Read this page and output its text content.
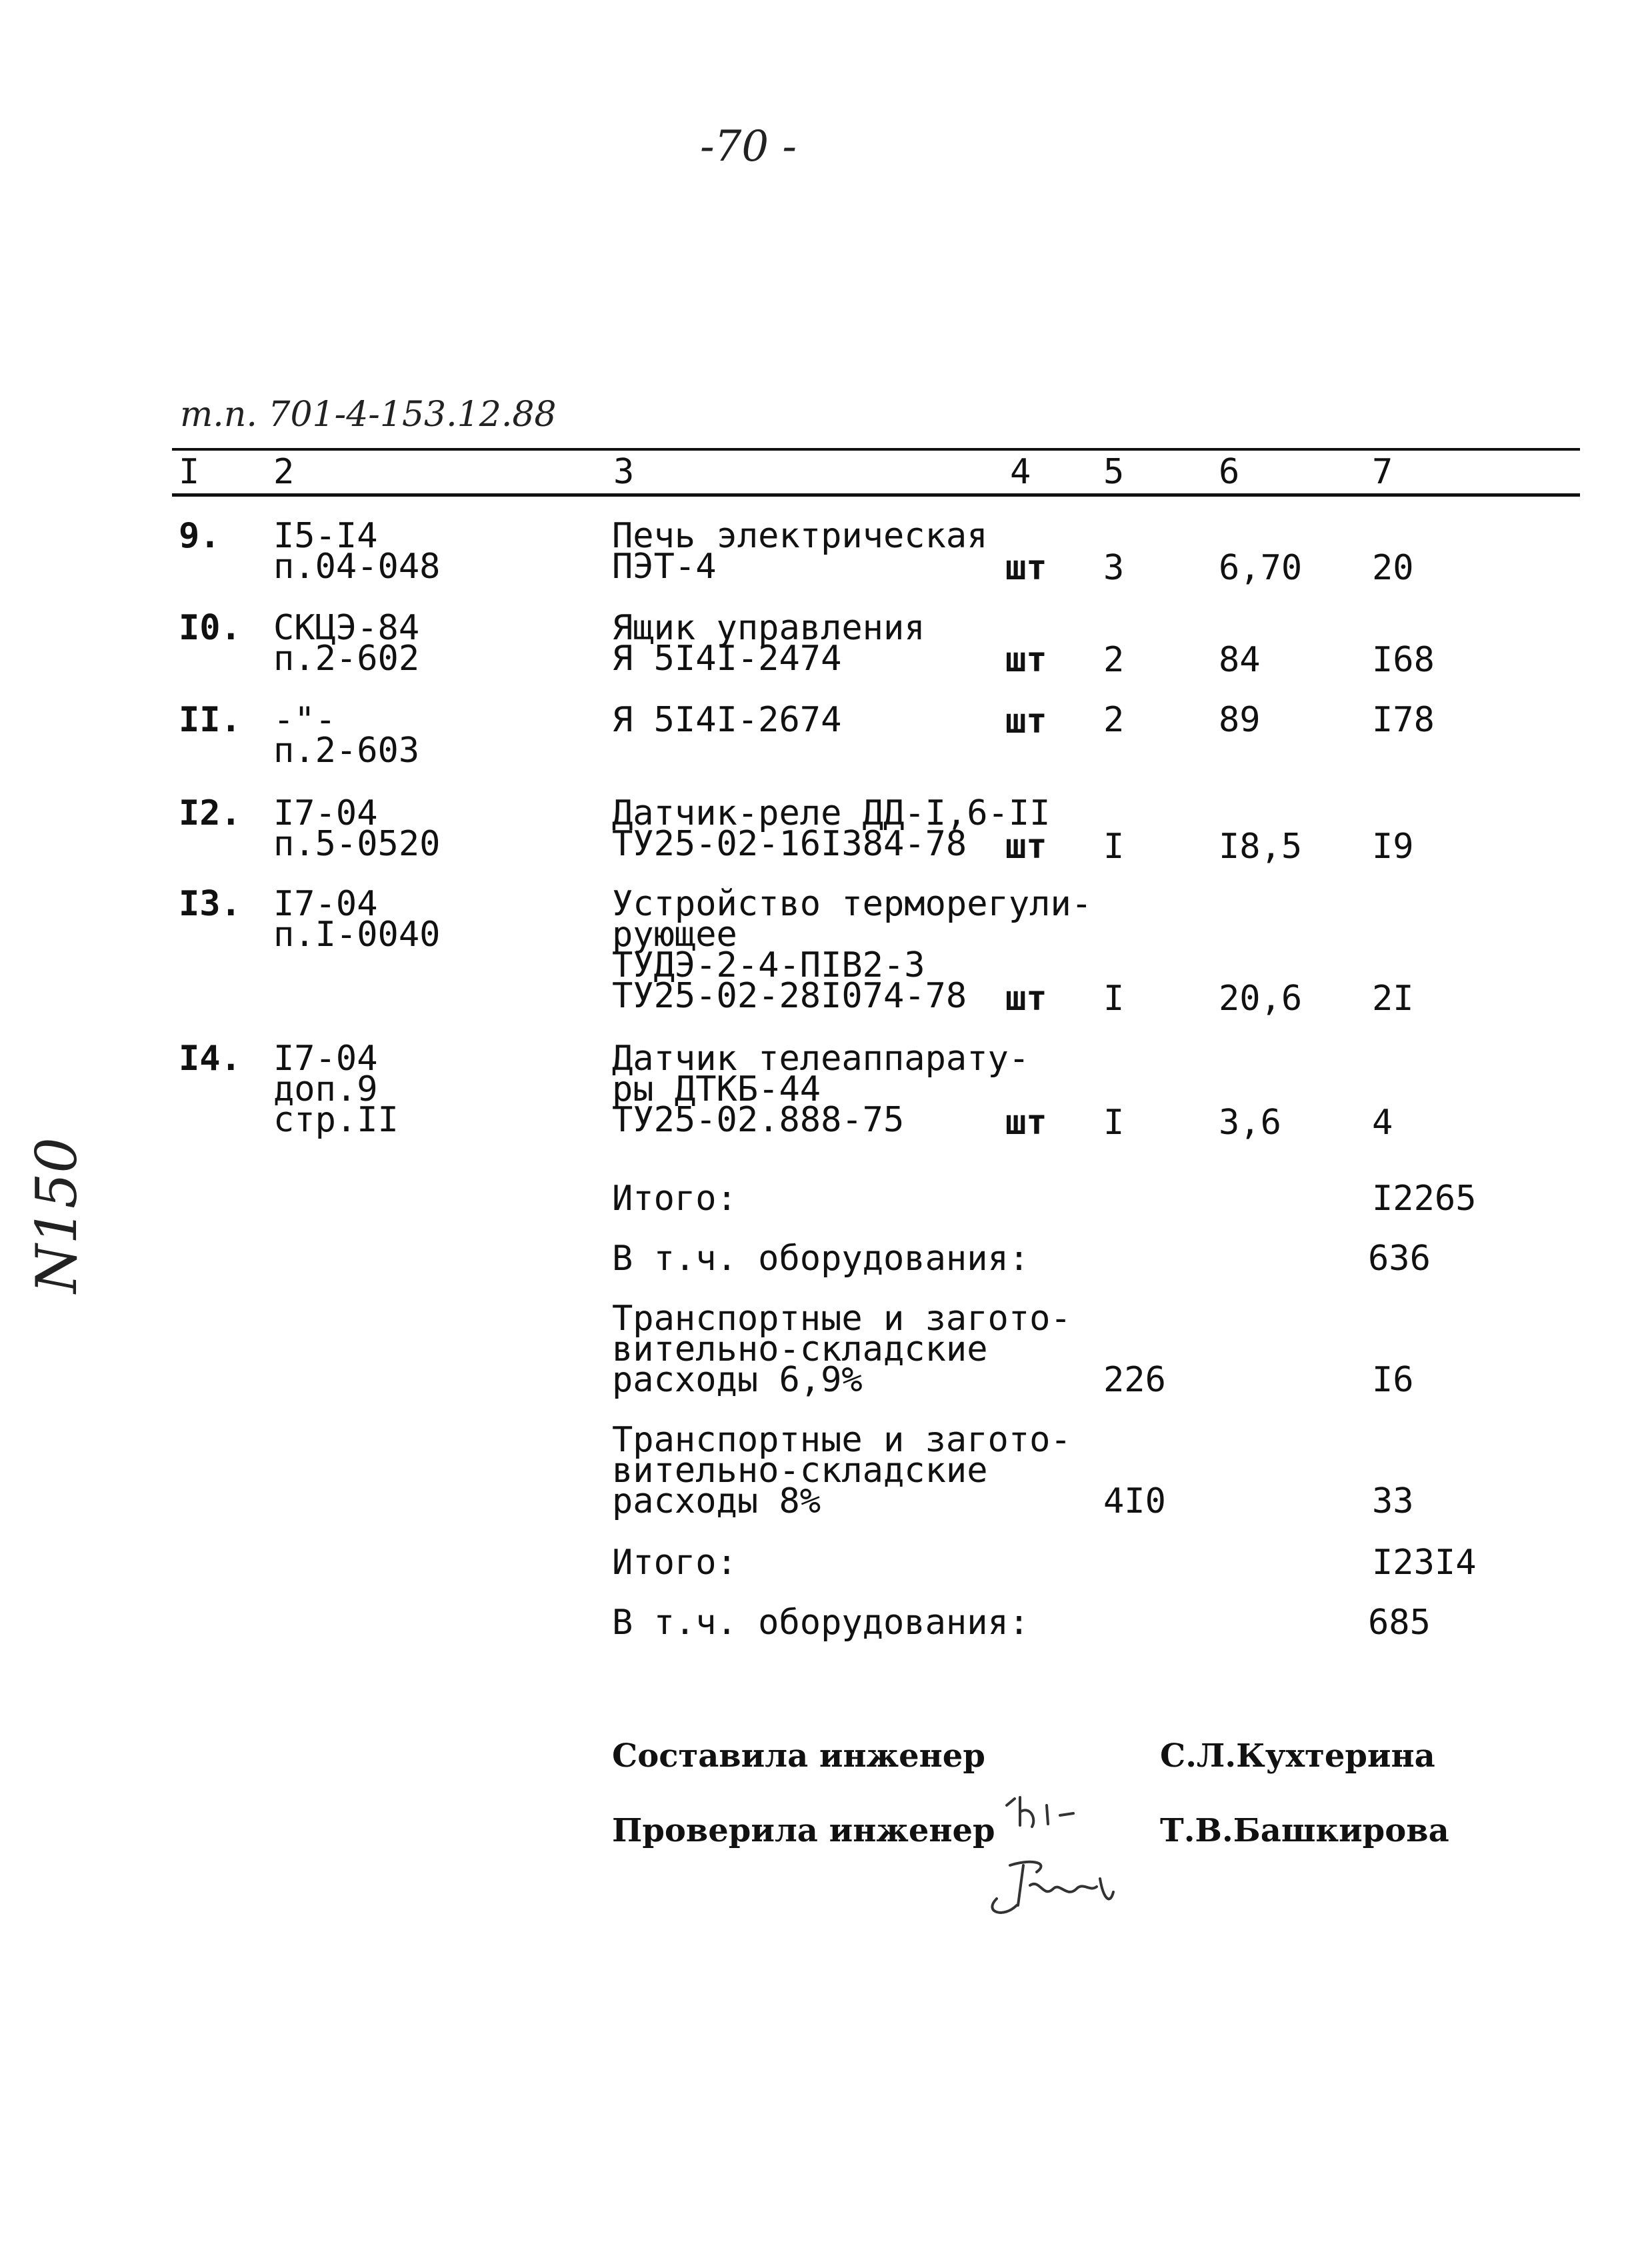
-70 -
т.п. 701-4-153.12.88
N150
I 2	3	4 5	6	7
9. I5-I4
п.04-048
Печь электрическая
ПЭТ-4	шт 3	6,70 20
I0. СКЦЭ-84
п.2-602
Ящик управления
Я 5I4I-2474	шт 2	84	I68
II. -"-
п.2-603
Я 5I4I-2674	шт 2	89	I78
I2. I7-04
п.5-0520
Датчик-реле ДД-I,6-II
ТУ25-02-16I384-78 шт I	I8,5 I9
I3. I7-04
п.I-0040
Устройство терморегули-
рующее
ТУДЭ-2-4-ПIВ2-3
ТУ25-02-28I074-78 шт I	20,6 2I
I4. I7-04
доп.9
стр.II
Датчик телеаппарату-
ры ДТКБ-44
ТУ25-02.888-75	шт I	3,6	4
Итого:	I2265
В т.ч. оборудования:	636
Транспортные и загото-
вительно-складские
расходы 6,9%	226	I6
Транспортные и загото-
вительно-складские
расходы 8%	4I0	33
Итого:	I23I4
В т.ч. оборудования:	685
Составила инженер

	С.Л.Кухтерина
Проверила инженер

	Т.В.Башкирова
